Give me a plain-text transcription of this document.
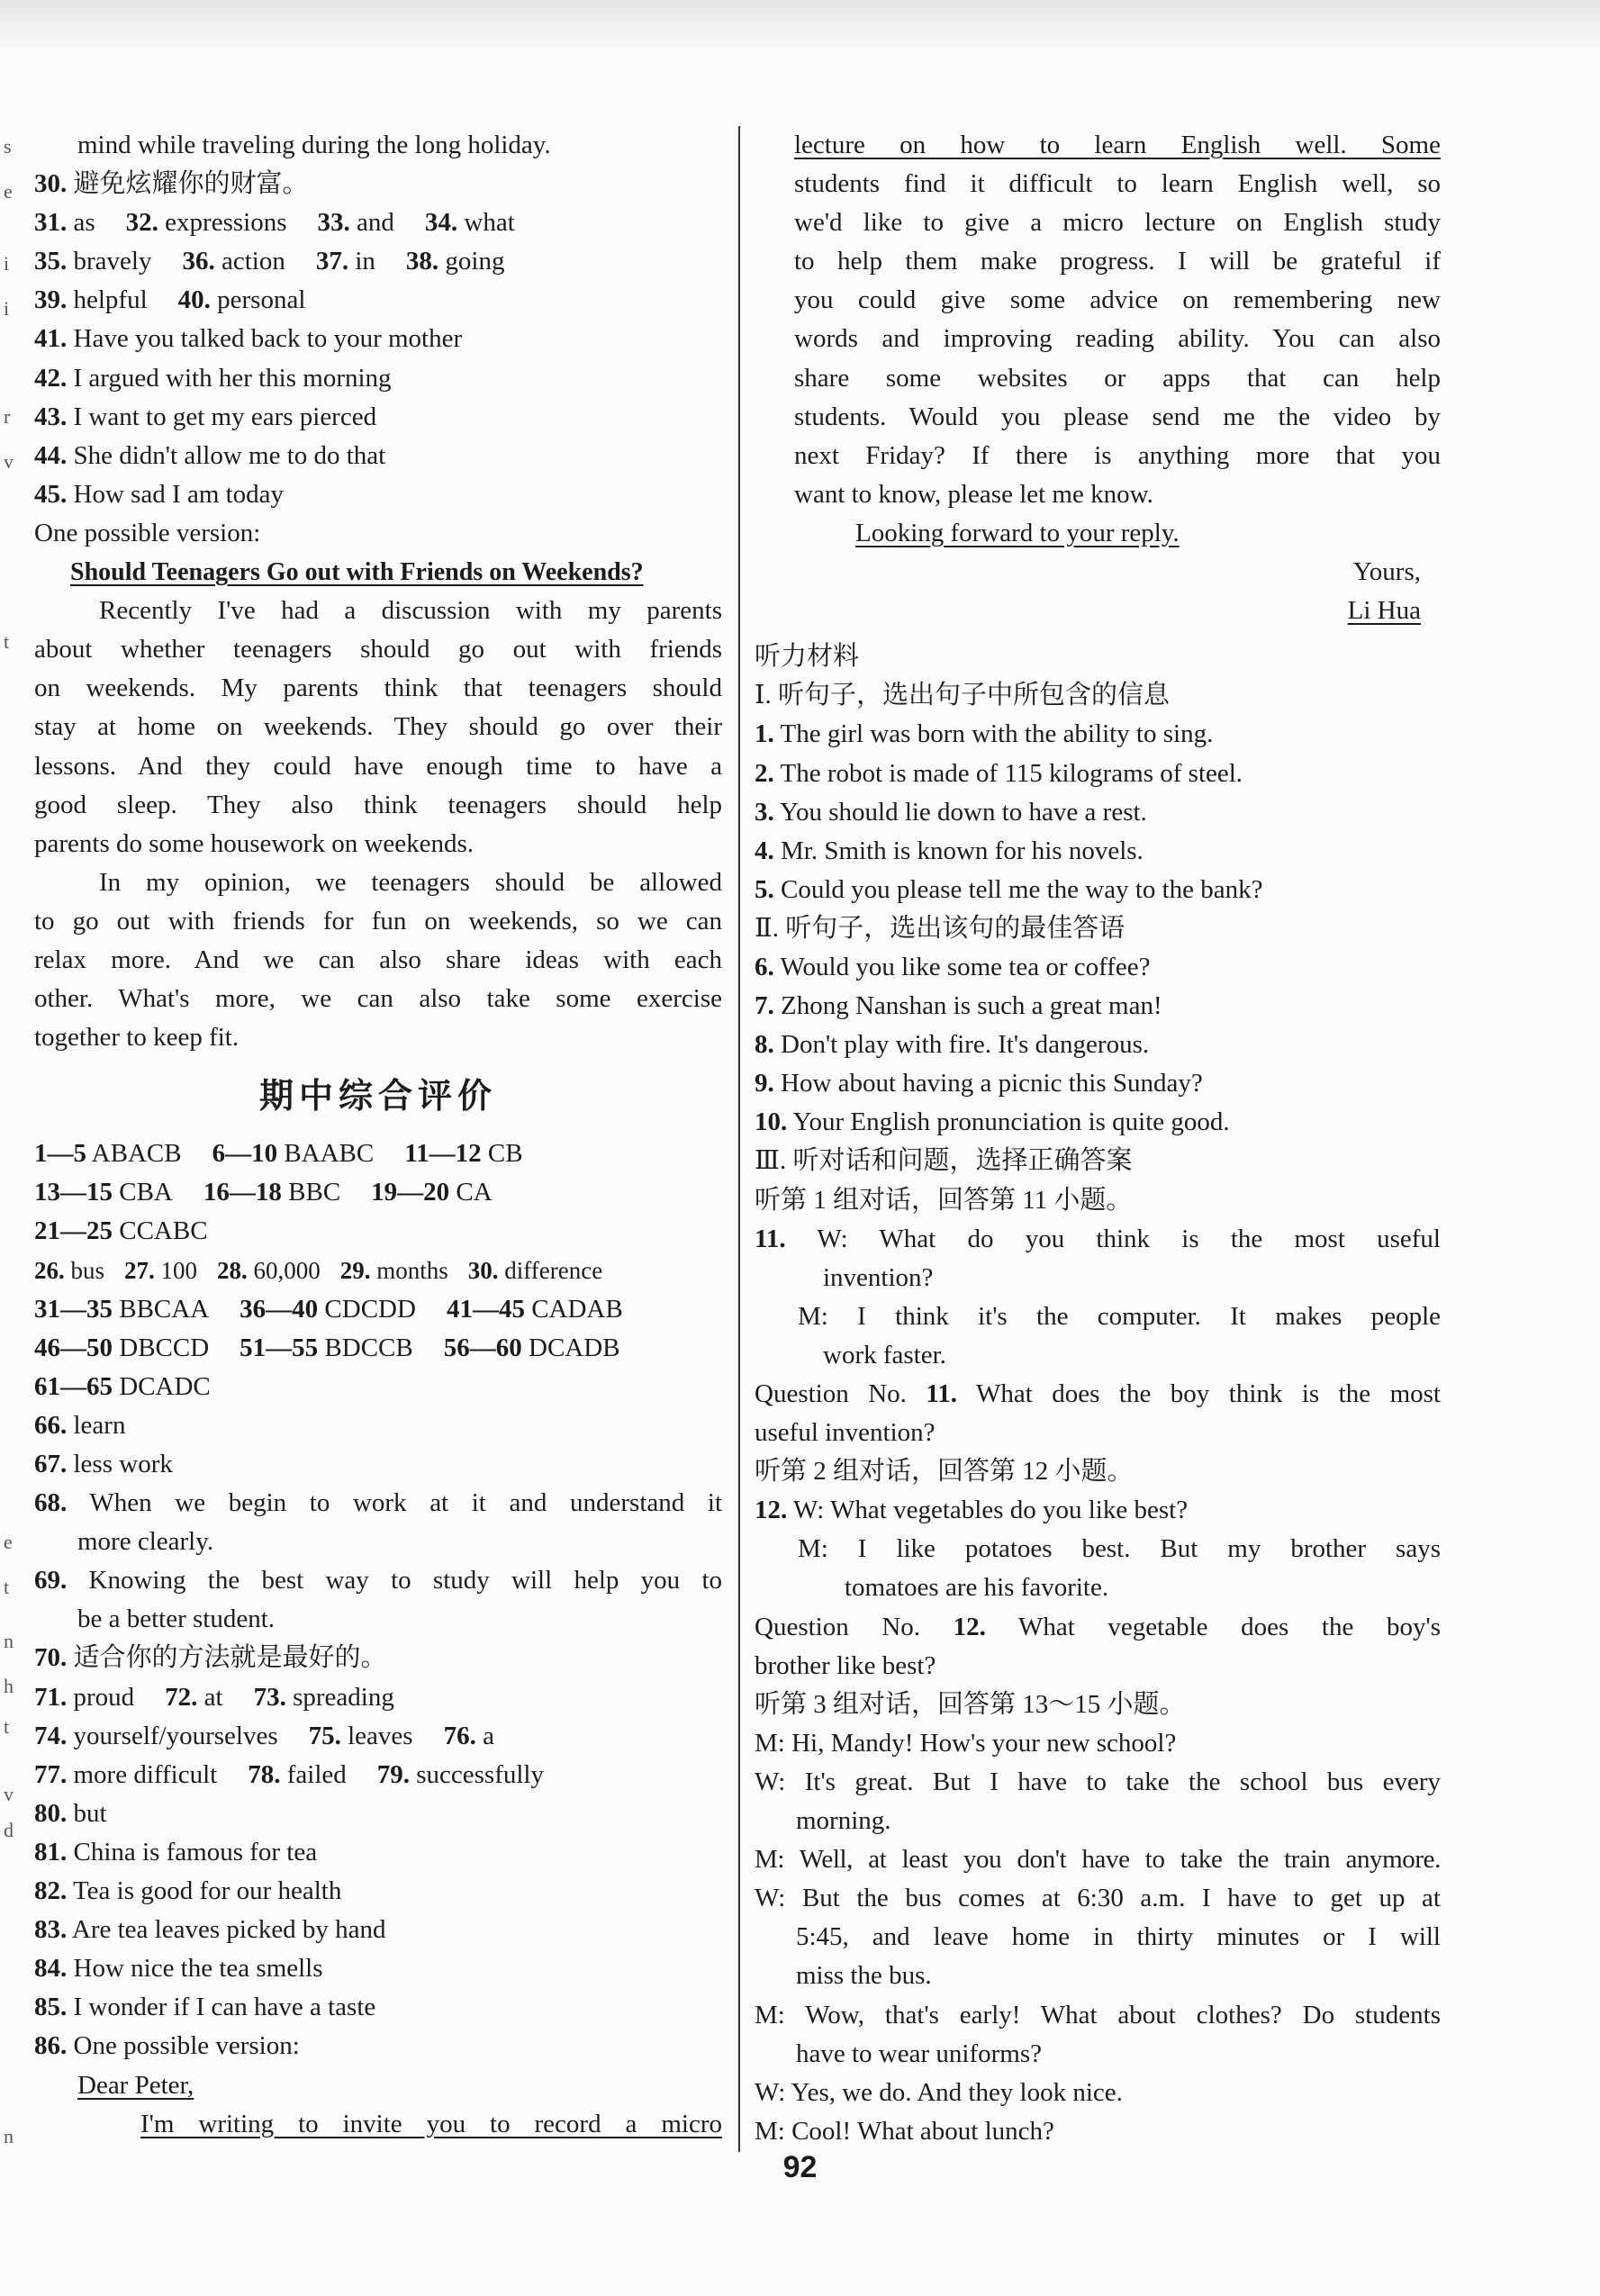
mind while traveling during the long holiday.
30. 避免炫耀你的财富。
31. as 32. expressions 33. and 34. what
35. bravely 36. action 37. in 38. going
39. helpful 40. personal
41. Have you talked back to your mother
42. I argued with her this morning
43. I want to get my ears pierced
44. She didn't allow me to do that
45. How sad I am today
One possible version:
Should Teenagers Go out with Friends on Weekends?
Recently I've had a discussion with my parents
about whether teenagers should go out with friends
on weekends. My parents think that teenagers should
stay at home on weekends. They should go over their
lessons. And they could have enough time to have a
good sleep. They also think teenagers should help
parents do some housework on weekends.
In my opinion, we teenagers should be allowed
to go out with friends for fun on weekends, so we can
relax more. And we can also share ideas with each
other. What's more, we can also take some exercise
together to keep fit.
期中综合评价
1—5 ABACB 6—10 BAABC 11—12 CB
13—15 CBA 16—18 BBC 19—20 CA
21—25 CCABC
26. bus 27. 100 28. 60,000 29. months 30. difference
31—35 BBCAA 36—40 CDCDD 41—45 CADAB
46—50 DBCCD 51—55 BDCCB 56—60 DCADB
61—65 DCADC
66. learn
67. less work
68. When we begin to work at it and understand it
more clearly.
69. Knowing the best way to study will help you to
be a better student.
70. 适合你的方法就是最好的。
71. proud 72. at 73. spreading
74. yourself/yourselves 75. leaves 76. a
77. more difficult 78. failed 79. successfully
80. but
81. China is famous for tea
82. Tea is good for our health
83. Are tea leaves picked by hand
84. How nice the tea smells
85. I wonder if I can have a taste
86. One possible version:
Dear Peter,
I'm writing to invite you to record a micro
lecture on how to learn English well. Some
students find it difficult to learn English well, so
we'd like to give a micro lecture on English study
to help them make progress. I will be grateful if
you could give some advice on remembering new
words and improving reading ability. You can also
share some websites or apps that can help
students. Would you please send me the video by
next Friday? If there is anything more that you
want to know, please let me know.
Looking forward to your reply.
Yours,
Li Hua
听力材料
Ⅰ. 听句子，选出句子中所包含的信息
1. The girl was born with the ability to sing.
2. The robot is made of 115 kilograms of steel.
3. You should lie down to have a rest.
4. Mr. Smith is known for his novels.
5. Could you please tell me the way to the bank?
Ⅱ. 听句子，选出该句的最佳答语
6. Would you like some tea or coffee?
7. Zhong Nanshan is such a great man!
8. Don't play with fire. It's dangerous.
9. How about having a picnic this Sunday?
10. Your English pronunciation is quite good.
Ⅲ. 听对话和问题，选择正确答案
听第 1 组对话，回答第 11 小题。
11. W: What do you think is the most useful
invention?
M: I think it's the computer. It makes people
work faster.
Question No. 11. What does the boy think is the most
useful invention?
听第 2 组对话，回答第 12 小题。
12. W: What vegetables do you like best?
M: I like potatoes best. But my brother says
tomatoes are his favorite.
Question No. 12. What vegetable does the boy's
brother like best?
听第 3 组对话，回答第 13～15 小题。
M: Hi, Mandy! How's your new school?
W: It's great. But I have to take the school bus every
morning.
M: Well, at least you don't have to take the train anymore.
W: But the bus comes at 6:30 a.m. I have to get up at
5:45, and leave home in thirty minutes or I will
miss the bus.
M: Wow, that's early! What about clothes? Do students
have to wear uniforms?
W: Yes, we do. And they look nice.
M: Cool! What about lunch?
92
s
e
i
i
r
v
t
e
t
n
h
t
v
d
n
